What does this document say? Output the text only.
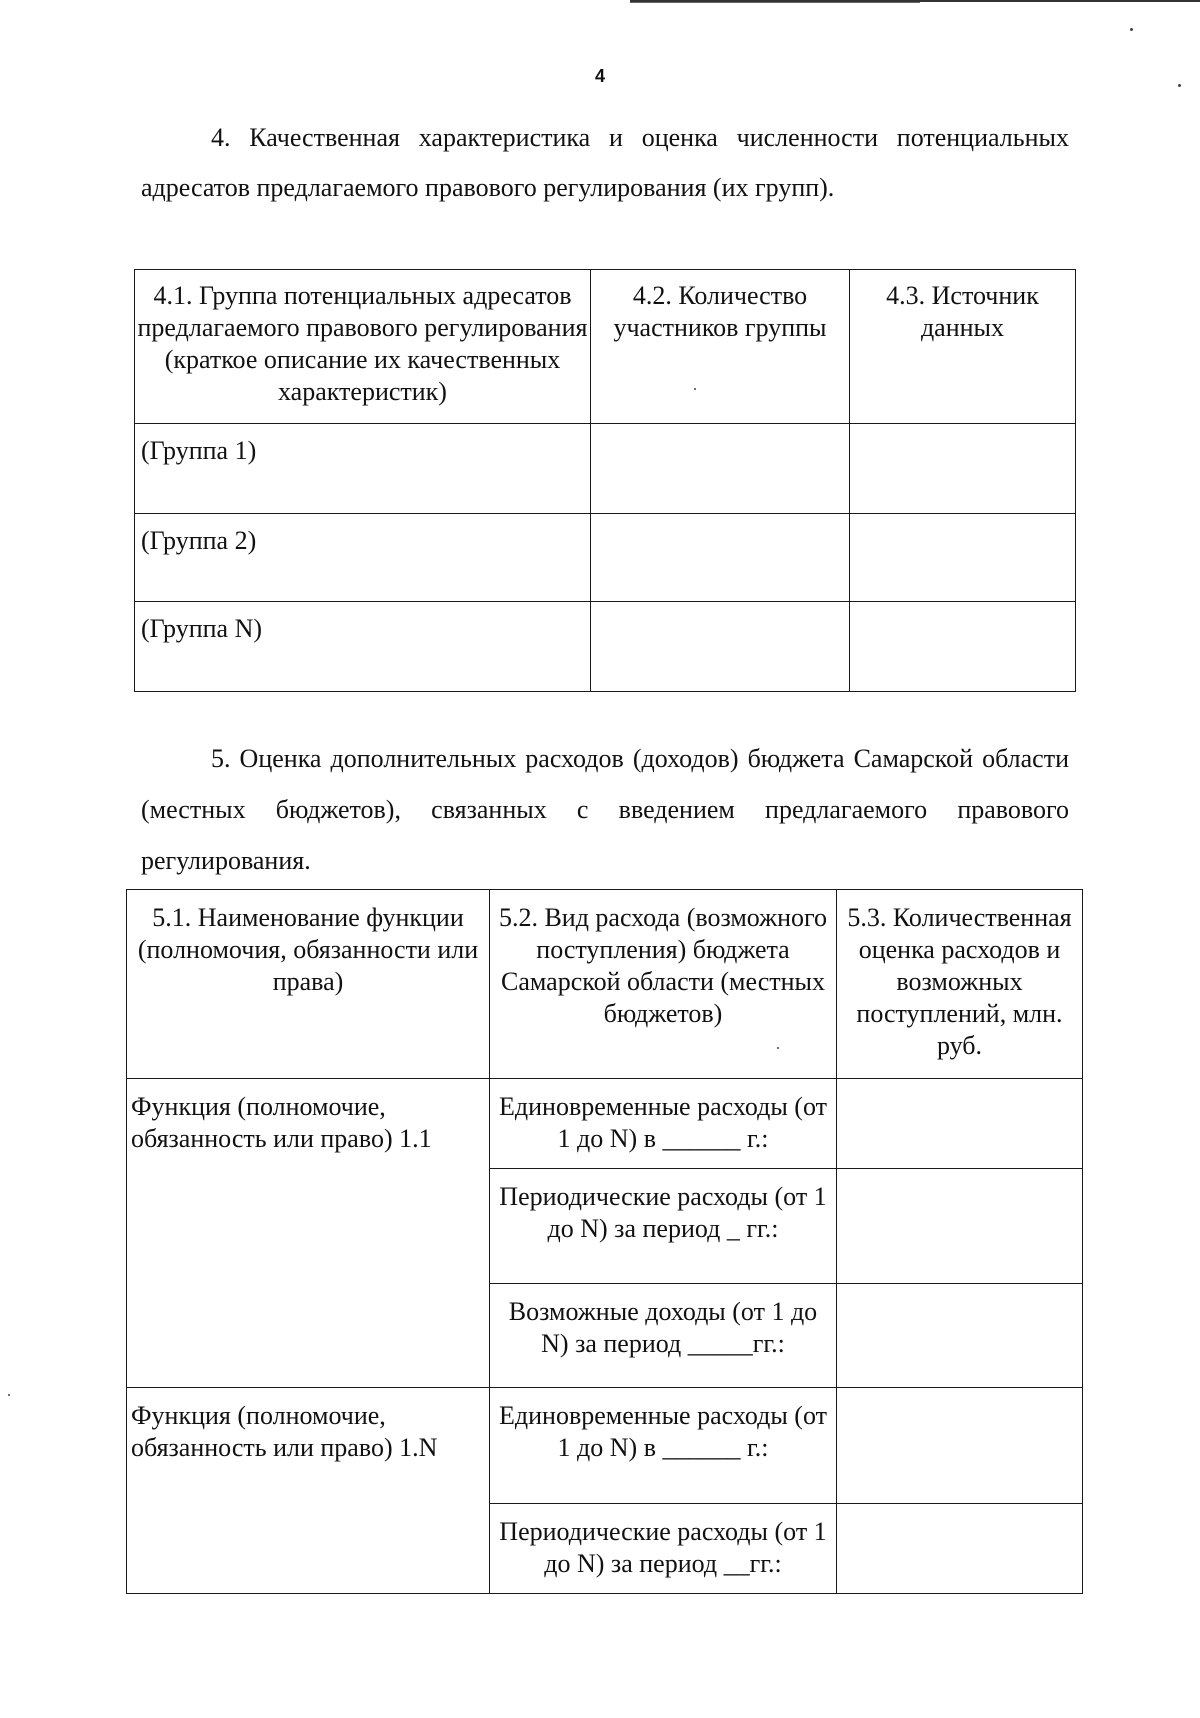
4

4. Качественная характеристика и оценка численности потенциальных адресатов предлагаемого правового регулирования (их групп).

4.1. Группа потенциальных адресатов предлагаемого правового регулирования (краткое описание их качественных характеристик)	4.2. Количество участников группы	4.3. Источник данных
(Группа 1)		
(Группа 2)		
(Группа N)		

5. Оценка дополнительных расходов (доходов) бюджета Самарской области (местных бюджетов), связанных с введением предлагаемого правового регулирования.

5.1. Наименование функции (полномочия, обязанности или права)	5.2. Вид расхода (возможного поступления) бюджета Самарской области (местных бюджетов)	5.3. Количественная оценка расходов и возможных поступлений, млн. руб.
Функция (полномочие, обязанность или право) 1.1	Единовременные расходы (от 1 до N) в ______ г.:	
	Периодические расходы (от 1 до N) за период _ гг.:	
	Возможные доходы (от 1 до N) за период _____гг.:	
Функция (полномочие, обязанность или право) 1.N	Единовременные расходы (от 1 до N) в ______ г.:	
	Периодические расходы (от 1 до N) за период __гг.:	
